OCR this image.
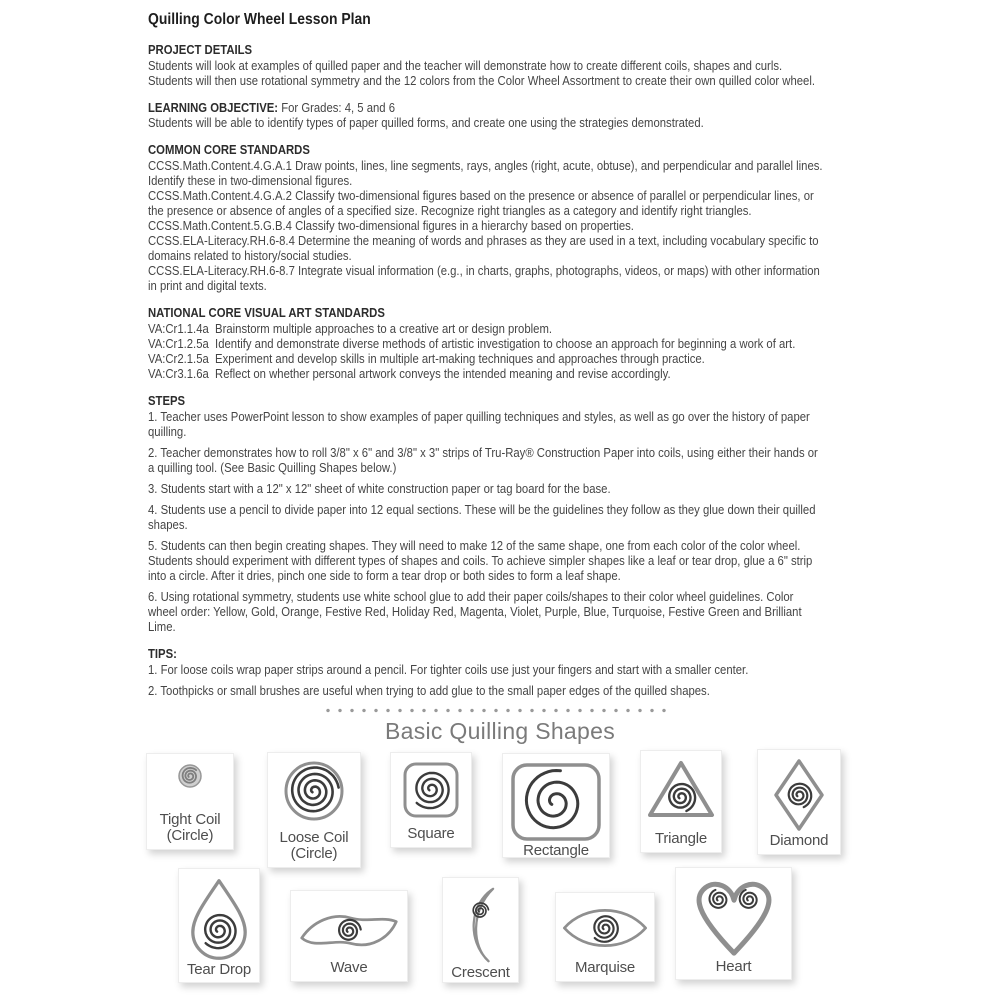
Quilling Color Wheel Lesson Plan
PROJECT DETAILS
Students will look at examples of quilled paper and the teacher will demonstrate how to create different coils, shapes and curls.
Students will then use rotational symmetry and the 12 colors from the Color Wheel Assortment to create their own quilled color wheel.
LEARNING OBJECTIVE: For Grades: 4, 5 and 6
Students will be able to identify types of paper quilled forms, and create one using the strategies demonstrated.
COMMON CORE STANDARDS
CCSS.Math.Content.4.G.A.1 Draw points, lines, line segments, rays, angles (right, acute, obtuse), and perpendicular and parallel lines.
Identify these in two-dimensional figures.
CCSS.Math.Content.4.G.A.2 Classify two-dimensional figures based on the presence or absence of parallel or perpendicular lines, or
the presence or absence of angles of a specified size. Recognize right triangles as a category and identify right triangles.
CCSS.Math.Content.5.G.B.4 Classify two-dimensional figures in a hierarchy based on properties.
CCSS.ELA-Literacy.RH.6-8.4 Determine the meaning of words and phrases as they are used in a text, including vocabulary specific to
domains related to history/social studies.
CCSS.ELA-Literacy.RH.6-8.7 Integrate visual information (e.g., in charts, graphs, photographs, videos, or maps) with other information
in print and digital texts.
NATIONAL CORE VISUAL ART STANDARDS
VA:Cr1.1.4a  Brainstorm multiple approaches to a creative art or design problem.
VA:Cr1.2.5a  Identify and demonstrate diverse methods of artistic investigation to choose an approach for beginning a work of art.
VA:Cr2.1.5a  Experiment and develop skills in multiple art-making techniques and approaches through practice.
VA:Cr3.1.6a  Reflect on whether personal artwork conveys the intended meaning and revise accordingly.
STEPS
1. Teacher uses PowerPoint lesson to show examples of paper quilling techniques and styles, as well as go over the history of paper
quilling.
2. Teacher demonstrates how to roll 3/8" x 6" and 3/8" x 3" strips of Tru-Ray® Construction Paper into coils, using either their hands or
a quilling tool. (See Basic Quilling Shapes below.)
3. Students start with a 12" x 12" sheet of white construction paper or tag board for the base.
4. Students use a pencil to divide paper into 12 equal sections. These will be the guidelines they follow as they glue down their quilled
shapes.
5. Students can then begin creating shapes. They will need to make 12 of the same shape, one from each color of the color wheel.
Students should experiment with different types of shapes and coils. To achieve simpler shapes like a leaf or tear drop, glue a 6" strip
into a circle. After it dries, pinch one side to form a tear drop or both sides to form a leaf shape.
6. Using rotational symmetry, students use white school glue to add their paper coils/shapes to their color wheel guidelines. Color
wheel order: Yellow, Gold, Orange, Festive Red, Holiday Red, Magenta, Violet, Purple, Blue, Turquoise, Festive Green and Brilliant
Lime.
TIPS:
1. For loose coils wrap paper strips around a pencil. For tighter coils use just your fingers and start with a smaller center.
2. Toothpicks or small brushes are useful when trying to add glue to the small paper edges of the quilled shapes.
Basic Quilling Shapes
Tight Coil
(Circle)	Loose Coil
(Circle)
Square
Rectangle
Triangle	Diamond
Tear Drop	Wave	Crescent	Marquise	Heart
